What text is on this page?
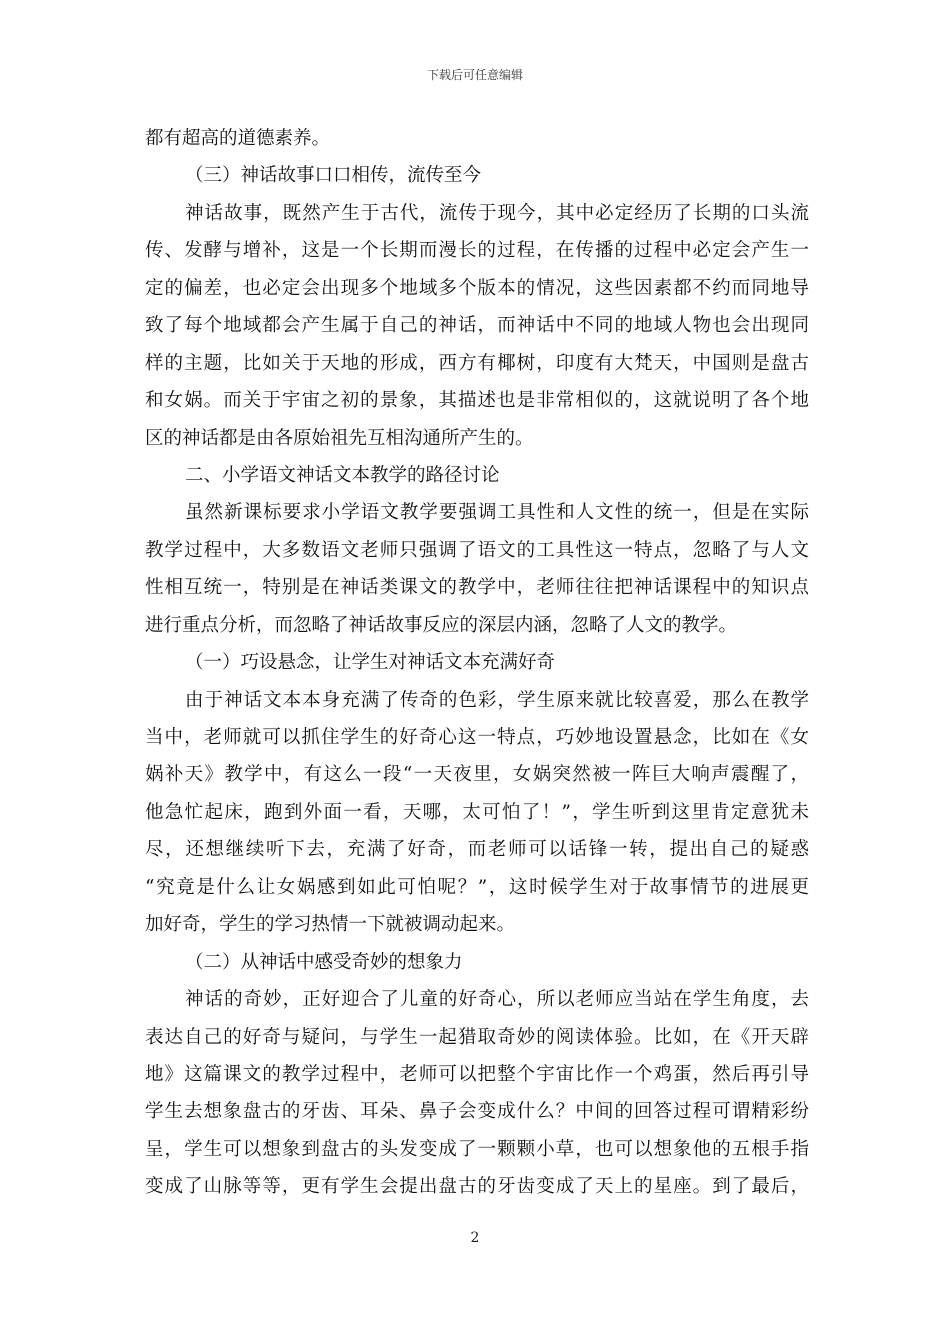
下载后可任意编辑
都有超高的道德素养。
（三）神话故事口口相传，流传至今
神话故事，既然产生于古代，流传于现今，其中必定经历了长期的口头流
传、发酵与增补，这是一个长期而漫长的过程，在传播的过程中必定会产生一
定的偏差，也必定会出现多个地域多个版本的情况，这些因素都不约而同地导
致了每个地域都会产生属于自己的神话，而神话中不同的地域人物也会出现同
样的主题，比如关于天地的形成，西方有椰树，印度有大梵天，中国则是盘古
和女娲。而关于宇宙之初的景象，其描述也是非常相似的，这就说明了各个地
区的神话都是由各原始祖先互相沟通所产生的。
二、小学语文神话文本教学的路径讨论
虽然新课标要求小学语文教学要强调工具性和人文性的统一，但是在实际
教学过程中，大多数语文老师只强调了语文的工具性这一特点，忽略了与人文
性相互统一，特别是在神话类课文的教学中，老师往往把神话课程中的知识点
进行重点分析，而忽略了神话故事反应的深层内涵，忽略了人文的教学。
（一）巧设悬念，让学生对神话文本充满好奇
由于神话文本本身充满了传奇的色彩，学生原来就比较喜爱，那么在教学
当中，老师就可以抓住学生的好奇心这一特点，巧妙地设置悬念，比如在《女
娲补天》教学中，有这么一段“一天夜里，女娲突然被一阵巨大响声震醒了，
他急忙起床，跑到外面一看，天哪，太可怕了！”，学生听到这里肯定意犹未
尽，还想继续听下去，充满了好奇，而老师可以话锋一转，提出自己的疑惑
“究竟是什么让女娲感到如此可怕呢？”，这时候学生对于故事情节的进展更
加好奇，学生的学习热情一下就被调动起来。
（二）从神话中感受奇妙的想象力
神话的奇妙，正好迎合了儿童的好奇心，所以老师应当站在学生角度，去
表达自己的好奇与疑问，与学生一起猎取奇妙的阅读体验。比如，在《开天辟
地》这篇课文的教学过程中，老师可以把整个宇宙比作一个鸡蛋，然后再引导
学生去想象盘古的牙齿、耳朵、鼻子会变成什么？中间的回答过程可谓精彩纷
呈，学生可以想象到盘古的头发变成了一颗颗小草，也可以想象他的五根手指
变成了山脉等等，更有学生会提出盘古的牙齿变成了天上的星座。到了最后，
2
